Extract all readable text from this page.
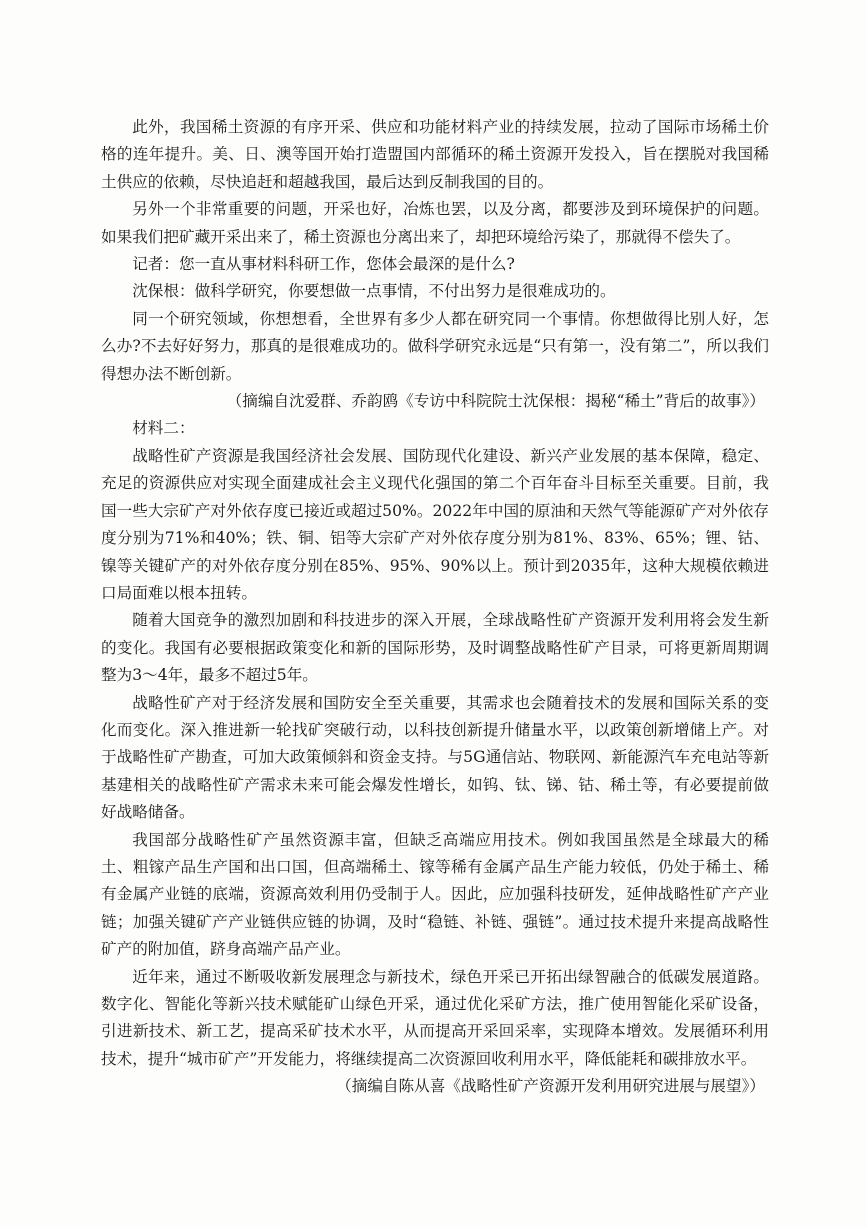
此外，我国稀土资源的有序开采、供应和功能材料产业的持续发展，拉动了国际市场稀土价格的连年提升。美、日、澳等国开始打造盟国内部循环的稀土资源开发投入，旨在摆脱对我国稀土供应的依赖，尽快追赶和超越我国，最后达到反制我国的目的。

另外一个非常重要的问题，开采也好，冶炼也罢，以及分离，都要涉及到环境保护的问题。如果我们把矿藏开采出来了，稀土资源也分离出来了，却把环境给污染了，那就得不偿失了。

记者：您一直从事材料科研工作，您体会最深的是什么?

沈保根：做科学研究，你要想做一点事情，不付出努力是很难成功的。

同一个研究领域，你想想看，全世界有多少人都在研究同一个事情。你想做得比别人好，怎么办?不去好好努力，那真的是很难成功的。做科学研究永远是“只有第一，没有第二”，所以我们得想办法不断创新。

（摘编自沈爱群、乔韵鸥《专访中科院院士沈保根：揭秘“稀土”背后的故事》）

材料二：

战略性矿产资源是我国经济社会发展、国防现代化建设、新兴产业发展的基本保障，稳定、充足的资源供应对实现全面建成社会主义现代化强国的第二个百年奋斗目标至关重要。目前，我国一些大宗矿产对外依存度已接近或超过50%。2022年中国的原油和天然气等能源矿产对外依存度分别为71%和40%；铁、铜、铝等大宗矿产对外依存度分别为81%、83%、65%；锂、钴、镍等关键矿产的对外依存度分别在85%、95%、90%以上。预计到2035年，这种大规模依赖进口局面难以根本扭转。

随着大国竞争的激烈加剧和科技进步的深入开展，全球战略性矿产资源开发利用将会发生新的变化。我国有必要根据政策变化和新的国际形势，及时调整战略性矿产目录，可将更新周期调整为3～4年，最多不超过5年。

战略性矿产对于经济发展和国防安全至关重要，其需求也会随着技术的发展和国际关系的变化而变化。深入推进新一轮找矿突破行动，以科技创新提升储量水平，以政策创新增储上产。对于战略性矿产勘查，可加大政策倾斜和资金支持。与5G通信站、物联网、新能源汽车充电站等新基建相关的战略性矿产需求未来可能会爆发性增长，如钨、钛、锑、钴、稀土等，有必要提前做好战略储备。

我国部分战略性矿产虽然资源丰富，但缺乏高端应用技术。例如我国虽然是全球最大的稀土、粗镓产品生产国和出口国，但高端稀土、镓等稀有金属产品生产能力较低，仍处于稀土、稀有金属产业链的底端，资源高效利用仍受制于人。因此，应加强科技研发，延伸战略性矿产产业链；加强关键矿产产业链供应链的协调，及时“稳链、补链、强链”。通过技术提升来提高战略性矿产的附加值，跻身高端产品产业。

近年来，通过不断吸收新发展理念与新技术，绿色开采已开拓出绿智融合的低碳发展道路。数字化、智能化等新兴技术赋能矿山绿色开采，通过优化采矿方法，推广使用智能化采矿设备，引进新技术、新工艺，提高采矿技术水平，从而提高开采回采率，实现降本增效。发展循环利用技术，提升“城市矿产”开发能力，将继续提高二次资源回收利用水平，降低能耗和碳排放水平。

（摘编自陈从喜《战略性矿产资源开发利用研究进展与展望》）
